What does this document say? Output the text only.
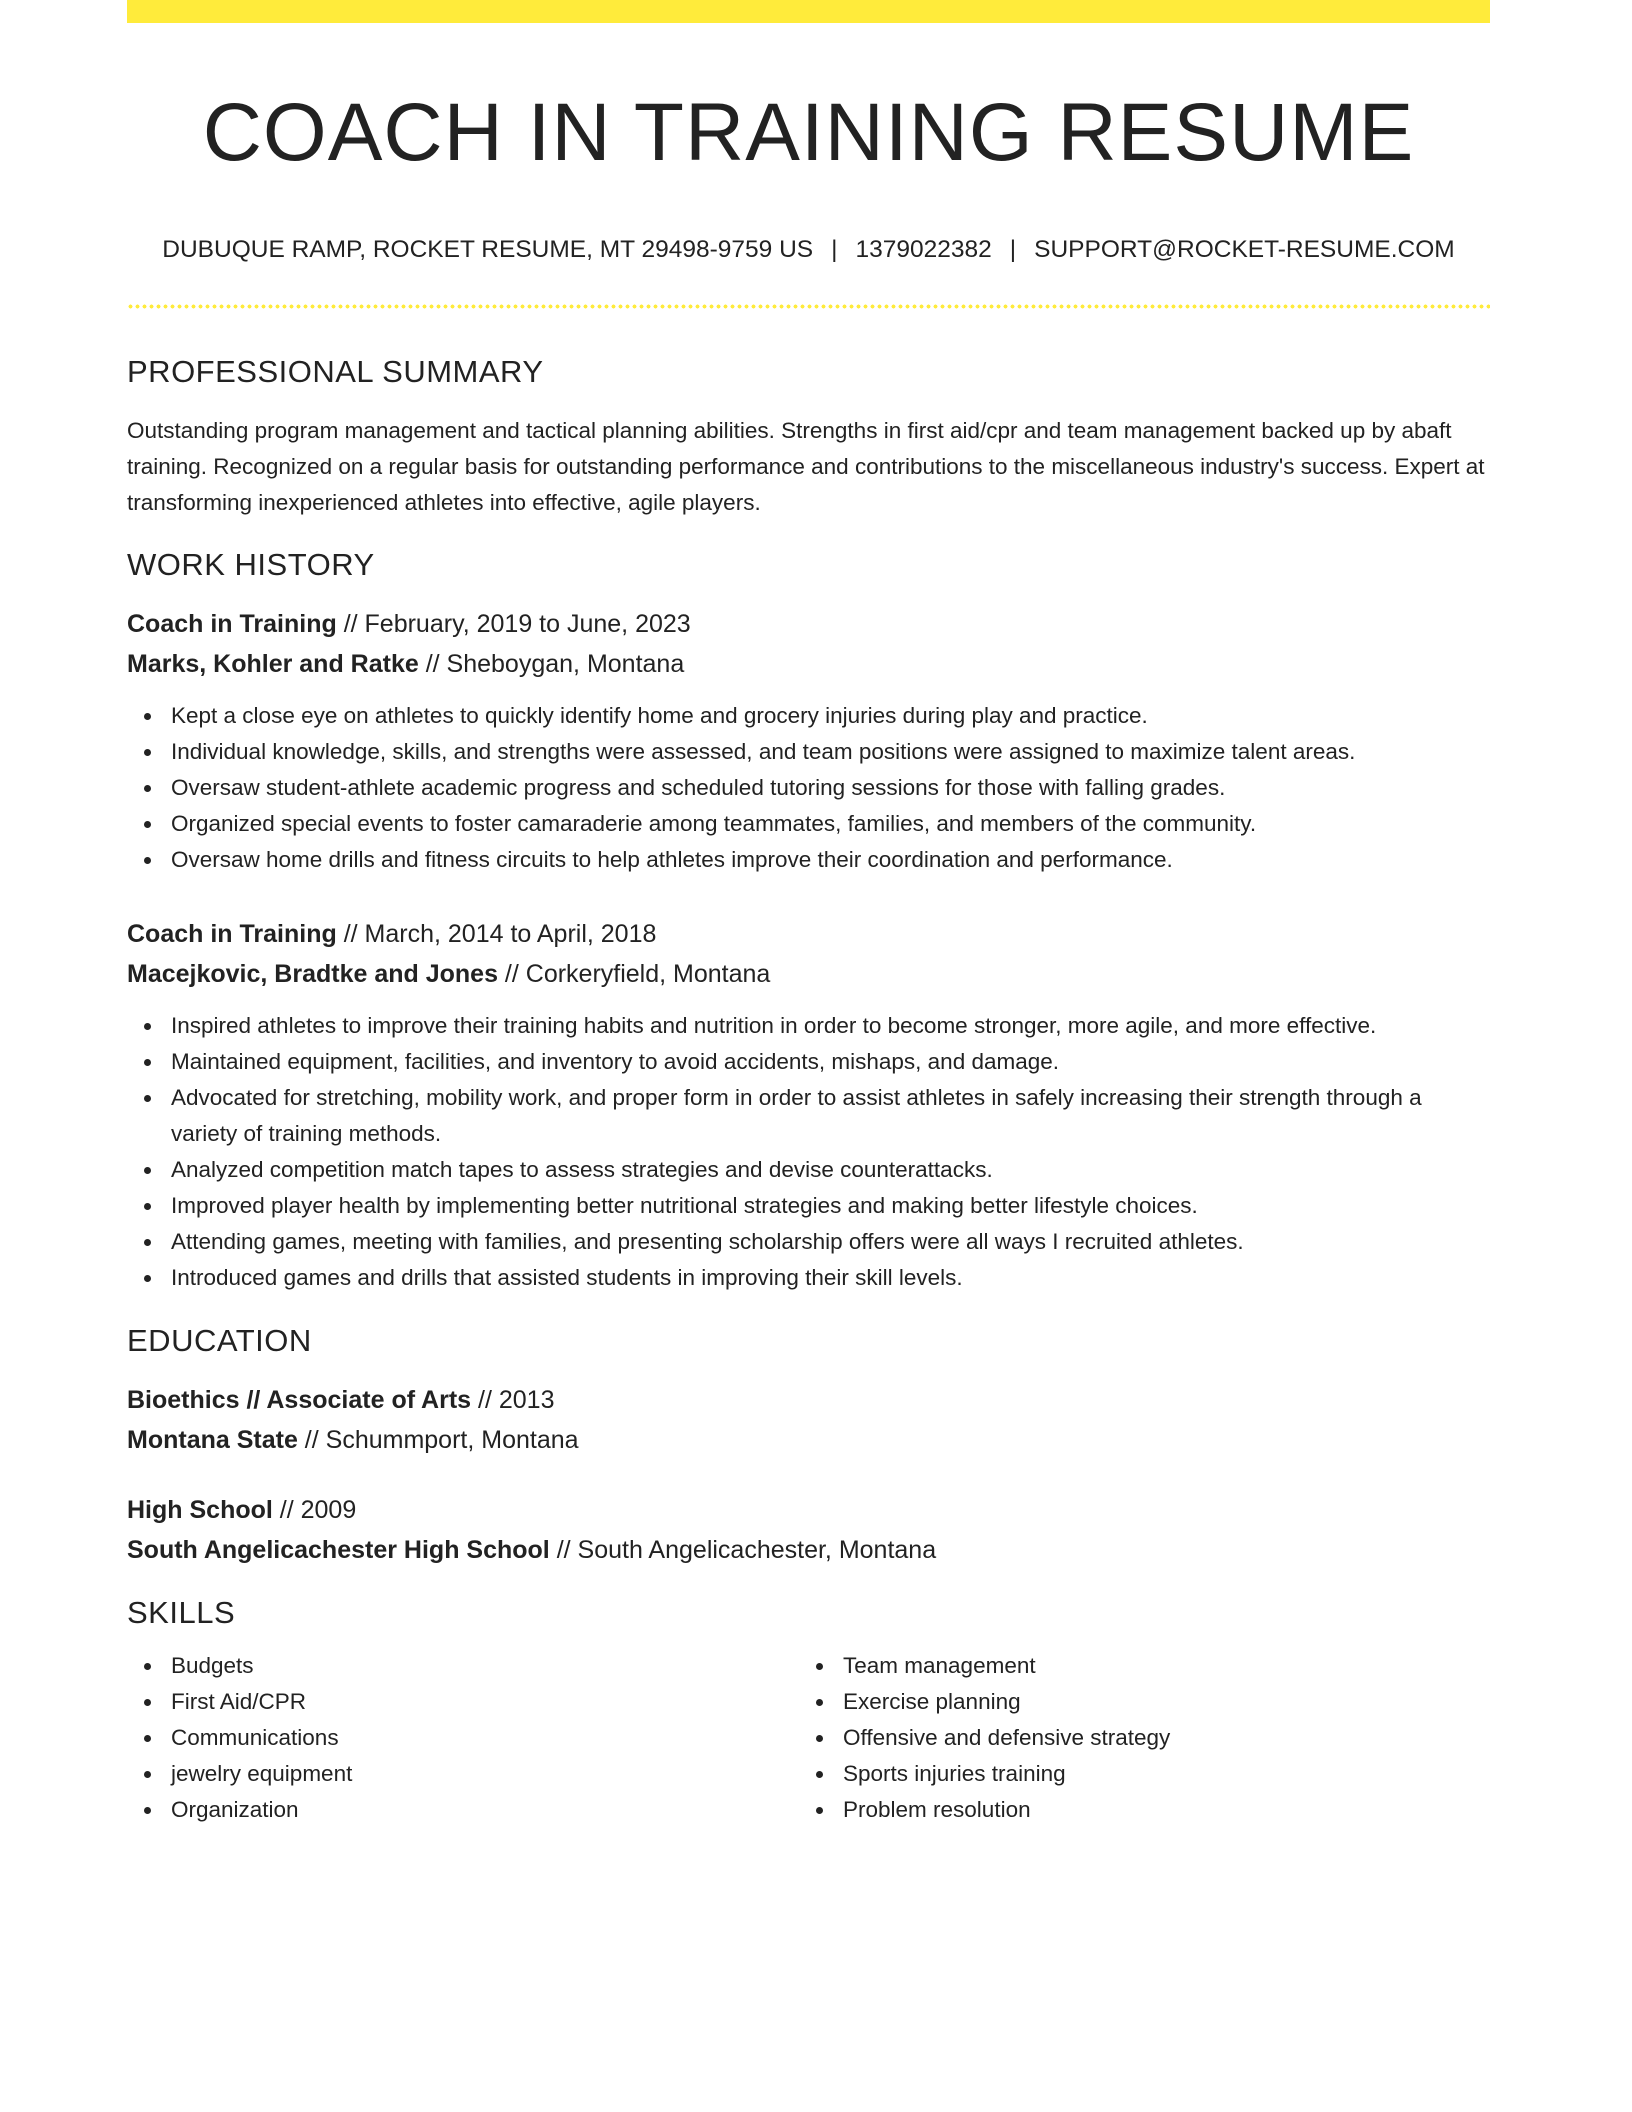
COACH IN TRAINING RESUME
DUBUQUE RAMP, ROCKET RESUME, MT 29498-9759 US | 1379022382 | SUPPORT@ROCKET-RESUME.COM
PROFESSIONAL SUMMARY

Outstanding program management and tactical planning abilities. Strengths in first aid/cpr and team management backed up by abaft training. Recognized on a regular basis for outstanding performance and contributions to the miscellaneous industry's success. Expert at transforming inexperienced athletes into effective, agile players.

WORK HISTORY
Coach in Training // February, 2019 to June, 2023
Marks, Kohler and Ratke // Sheboygan, Montana
Kept a close eye on athletes to quickly identify home and grocery injuries during play and practice.
Individual knowledge, skills, and strengths were assessed, and team positions were assigned to maximize talent areas.
Oversaw student-athlete academic progress and scheduled tutoring sessions for those with falling grades.
Organized special events to foster camaraderie among teammates, families, and members of the community.
Oversaw home drills and fitness circuits to help athletes improve their coordination and performance.
Coach in Training // March, 2014 to April, 2018
Macejkovic, Bradtke and Jones // Corkeryfield, Montana
Inspired athletes to improve their training habits and nutrition in order to become stronger, more agile, and more effective.
Maintained equipment, facilities, and inventory to avoid accidents, mishaps, and damage.
Advocated for stretching, mobility work, and proper form in order to assist athletes in safely increasing their strength through a variety of training methods.
Analyzed competition match tapes to assess strategies and devise counterattacks.
Improved player health by implementing better nutritional strategies and making better lifestyle choices.
Attending games, meeting with families, and presenting scholarship offers were all ways I recruited athletes.
Introduced games and drills that assisted students in improving their skill levels.
EDUCATION
Bioethics // Associate of Arts // 2013
Montana State // Schummport, Montana
High School // 2009
South Angelicachester High School // South Angelicachester, Montana
SKILLS
Budgets
First Aid/CPR
Communications
jewelry equipment
Organization
Team management
Exercise planning
Offensive and defensive strategy
Sports injuries training
Problem resolution
